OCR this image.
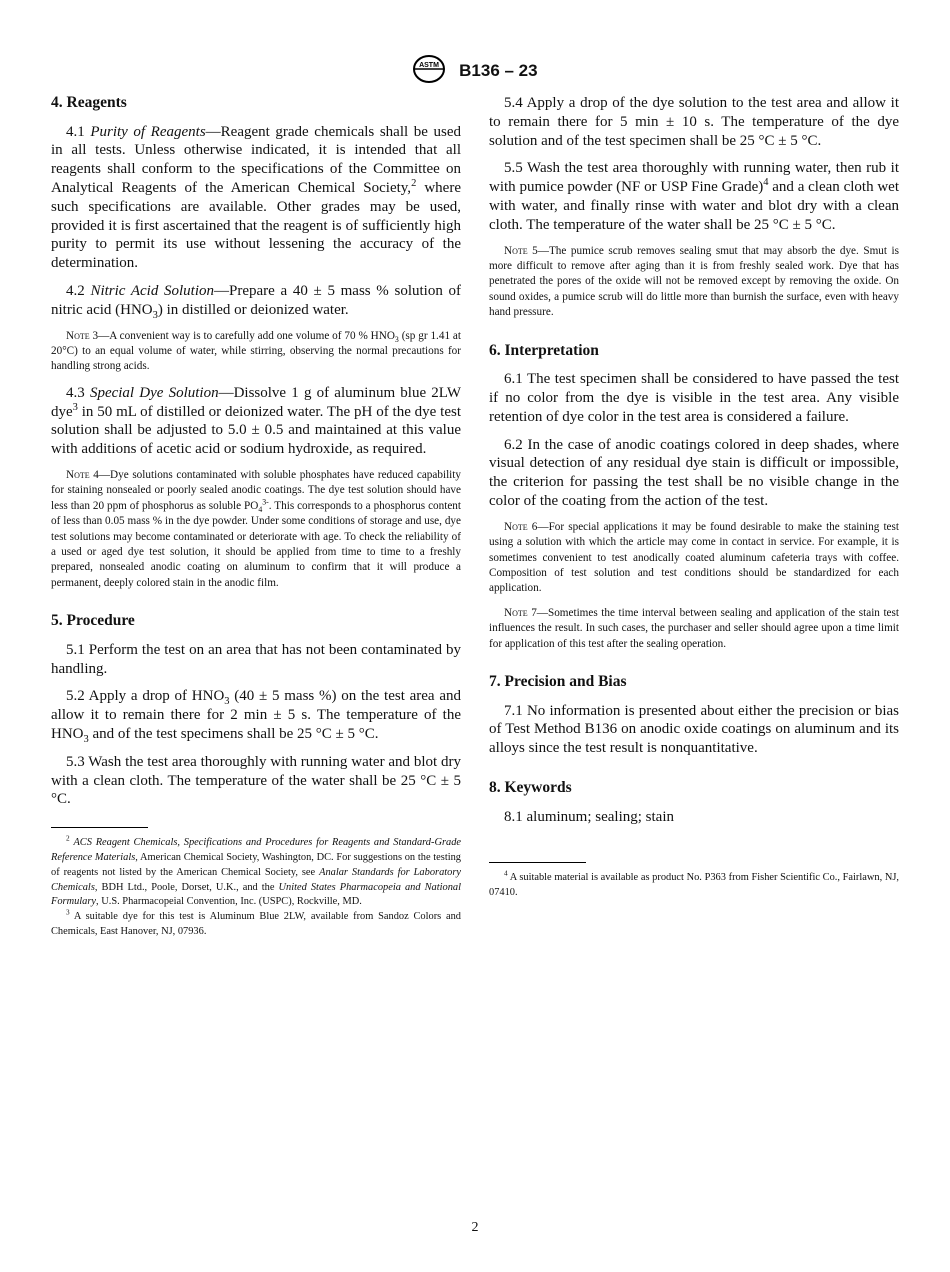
ASTM B136 – 23
4. Reagents

4.1 Purity of Reagents—Reagent grade chemicals shall be used in all tests. Unless otherwise indicated, it is intended that all reagents shall conform to the specifications of the Committee on Analytical Reagents of the American Chemical Society,$^2$ where such specifications are available. Other grades may be used, provided it is first ascertained that the reagent is of sufficiently high purity to permit its use without lessening the accuracy of the determination.

4.2 Nitric Acid Solution—Prepare a 40 ± 5 mass % solution of nitric acid $(HNO_3)$ in distilled or deionized water.

Note 3—A convenient way is to carefully add one volume of 70 % $HNO_3$ (sp gr 1.41 at 20°C) to an equal volume of water, while stirring, observing the normal precautions for handling strong acids.

4.3 Special Dye Solution—Dissolve 1 g of aluminum blue 2LW dye$^3$ in 50 mL of distilled or deionized water. The pH of the dye test solution shall be adjusted to 5.0 ± 0.5 and maintained at this value with additions of acetic acid or sodium hydroxide, as required.

Note 4—Dye solutions contaminated with soluble phosphates have reduced capability for staining nonsealed or poorly sealed anodic coatings. The dye test solution should have less than 20 ppm of phosphorus as soluble $PO_4^{3-}$. This corresponds to a phosphorus content of less than 0.05 mass % in the dye powder. Under some conditions of storage and use, dye test solutions may become contaminated or deteriorate with age. To check the reliability of a used or aged dye test solution, it should be applied from time to time to a freshly prepared, nonsealed anodic coating on aluminum to confirm that it will produce a permanent, deeply colored stain in the anodic film.

5. Procedure

5.1 Perform the test on an area that has not been contaminated by handling.

5.2 Apply a drop of $HNO_3$ (40 ± 5 mass %) on the test area and allow it to remain there for 2 min ± 5 s. The temperature of the $HNO_3$ and of the test specimens shall be 25 °C ± 5 °C.

5.3 Wash the test area thoroughly with running water and blot dry with a clean cloth. The temperature of the water shall be 25 °C ± 5 °C.

$^2$ ACS Reagent Chemicals, Specifications and Procedures for Reagents and Standard-Grade Reference Materials, American Chemical Society, Washington, DC. For suggestions on the testing of reagents not listed by the American Chemical Society, see Analar Standards for Laboratory Chemicals, BDH Ltd., Poole, Dorset, U.K., and the United States Pharmacopeia and National Formulary, U.S. Pharmacopeial Convention, Inc. (USPC), Rockville, MD.

$^3$ A suitable dye for this test is Aluminum Blue 2LW, available from Sandoz Colors and Chemicals, East Hanover, NJ, 07936.

5.4 Apply a drop of the dye solution to the test area and allow it to remain there for 5 min ± 10 s. The temperature of the dye solution and of the test specimen shall be 25 °C ± 5 °C.

5.5 Wash the test area thoroughly with running water, then rub it with pumice powder (NF or USP Fine Grade)$^4$ and a clean cloth wet with water, and finally rinse with water and blot dry with a clean cloth. The temperature of the water shall be 25 °C ± 5 °C.

Note 5—The pumice scrub removes sealing smut that may absorb the dye. Smut is more difficult to remove after aging than it is from freshly sealed work. Dye that has penetrated the pores of the oxide will not be removed except by removing the oxide. On sound oxides, a pumice scrub will do little more than burnish the surface, even with heavy hand pressure.

6. Interpretation

6.1 The test specimen shall be considered to have passed the test if no color from the dye is visible in the test area. Any visible retention of dye color in the test area is considered a failure.

6.2 In the case of anodic coatings colored in deep shades, where visual detection of any residual dye stain is difficult or impossible, the criterion for passing the test shall be no visible change in the color of the coating from the action of the test.

Note 6—For special applications it may be found desirable to make the staining test using a solution with which the article may come in contact in service. For example, it is sometimes convenient to test anodically coated aluminum cafeteria trays with coffee. Composition of test solution and test conditions should be standardized for each application.

Note 7—Sometimes the time interval between sealing and application of the stain test influences the result. In such cases, the purchaser and seller should agree upon a time limit for application of this test after the sealing operation.

7. Precision and Bias

7.1 No information is presented about either the precision or bias of Test Method B136 on anodic oxide coatings on aluminum and its alloys since the test result is nonquantitative.

8. Keywords

8.1 aluminum; sealing; stain

$^4$ A suitable material is available as product No. P363 from Fisher Scientific Co., Fairlawn, NJ, 07410.

2
